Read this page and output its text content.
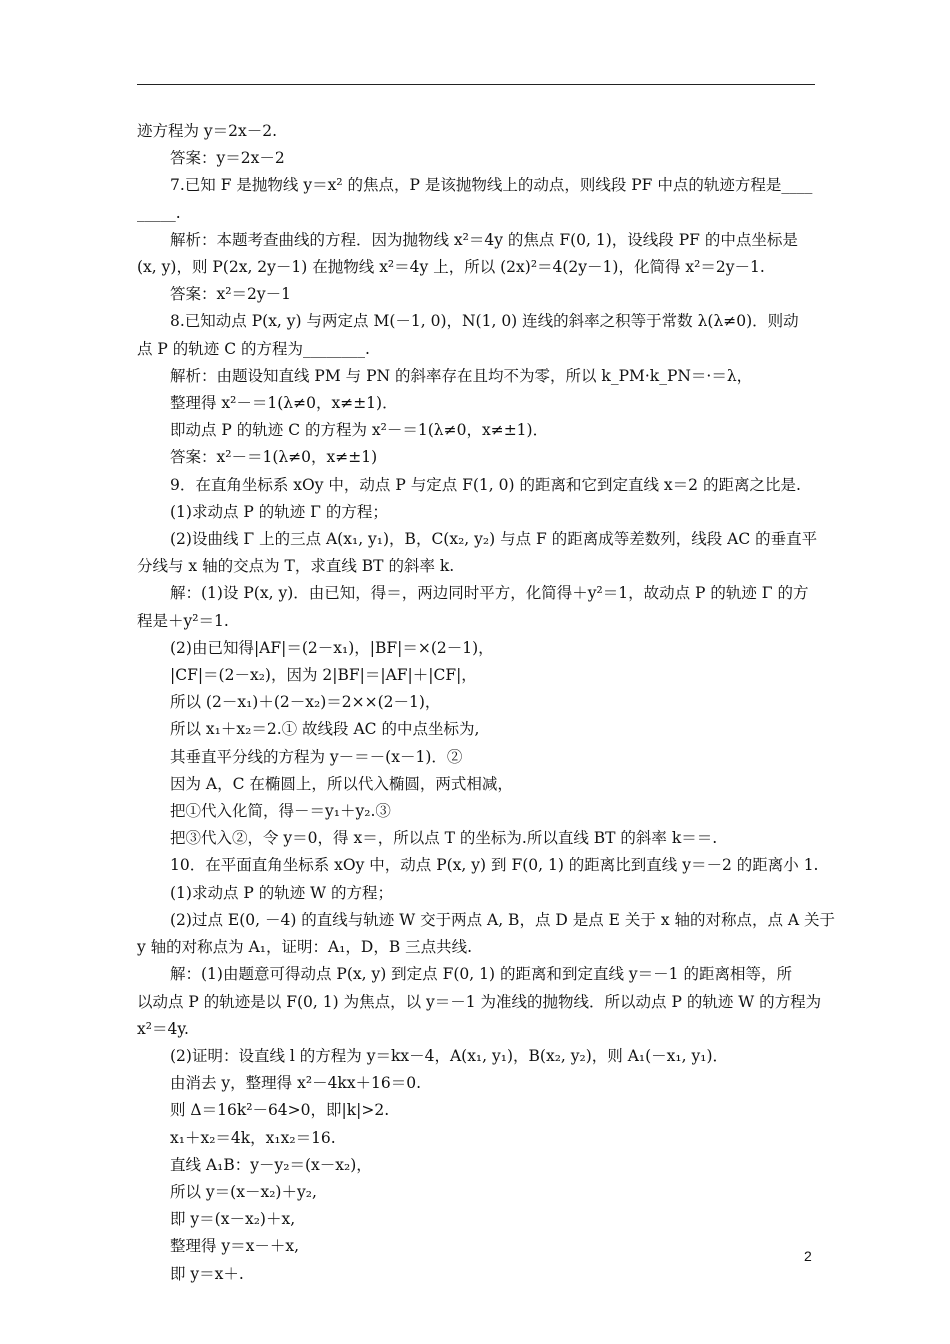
迹方程为 y＝2x－2.
答案：y＝2x－2
7.已知 F 是抛物线 y＝x² 的焦点，P 是该抛物线上的动点，则线段 PF 中点的轨迹方程是____
_____.
解析：本题考查曲线的方程．因为抛物线 x²＝4y 的焦点 F(0, 1)，设线段 PF 的中点坐标是
(x, y)，则 P(2x, 2y－1) 在抛物线 x²＝4y 上，所以 (2x)²＝4(2y－1)，化简得 x²＝2y－1.
答案：x²＝2y－1
8.已知动点 P(x, y) 与两定点 M(－1, 0)，N(1, 0) 连线的斜率之积等于常数 λ(λ≠0)．则动
点 P 的轨迹 C 的方程为________.
解析：由题设知直线 PM 与 PN 的斜率存在且均不为零，所以 k_PM·k_PN＝·＝λ，
整理得 x²－＝1(λ≠0，x≠±1)．
即动点 P 的轨迹 C 的方程为 x²－＝1(λ≠0，x≠±1)．
答案：x²－＝1(λ≠0，x≠±1)
9．在直角坐标系 xOy 中，动点 P 与定点 F(1, 0) 的距离和它到定直线 x＝2 的距离之比是.
(1)求动点 P 的轨迹 Γ 的方程；
(2)设曲线 Γ 上的三点 A(x₁, y₁)，B，C(x₂, y₂) 与点 F 的距离成等差数列，线段 AC 的垂直平
分线与 x 轴的交点为 T，求直线 BT 的斜率 k.
解：(1)设 P(x, y)．由已知，得＝，两边同时平方，化简得＋y²＝1，故动点 P 的轨迹 Γ 的方
程是＋y²＝1.
(2)由已知得|AF|＝(2－x₁)，|BF|＝×(2－1)，
|CF|＝(2－x₂)，因为 2|BF|＝|AF|＋|CF|，
所以 (2－x₁)＋(2－x₂)＝2××(2－1)，
所以 x₁＋x₂＝2.① 故线段 AC 的中点坐标为,
其垂直平分线的方程为 y－＝－(x－1)．②
因为 A，C 在椭圆上，所以代入椭圆，两式相减，
把①代入化简，得－＝y₁＋y₂.③
把③代入②，令 y＝0，得 x＝，所以点 T 的坐标为.所以直线 BT 的斜率 k＝＝.
10．在平面直角坐标系 xOy 中，动点 P(x, y) 到 F(0, 1) 的距离比到直线 y＝－2 的距离小 1.
(1)求动点 P 的轨迹 W 的方程；
(2)过点 E(0, －4) 的直线与轨迹 W 交于两点 A, B，点 D 是点 E 关于 x 轴的对称点，点 A 关于
y 轴的对称点为 A₁，证明：A₁，D，B 三点共线.
解：(1)由题意可得动点 P(x, y) 到定点 F(0, 1) 的距离和到定直线 y＝－1 的距离相等，所
以动点 P 的轨迹是以 F(0, 1) 为焦点，以 y＝－1 为准线的抛物线．所以动点 P 的轨迹 W 的方程为
x²＝4y.
(2)证明：设直线 l 的方程为 y＝kx－4，A(x₁, y₁)，B(x₂, y₂)，则 A₁(－x₁, y₁)．
由消去 y，整理得 x²－4kx＋16＝0.
则 Δ＝16k²－64>0，即|k|>2.
x₁＋x₂＝4k，x₁x₂＝16.
直线 A₁B：y－y₂＝(x－x₂)，
所以 y＝(x－x₂)＋y₂,
即 y＝(x－x₂)＋x,
整理得 y＝x－＋x,
即 y＝x＋.
2
